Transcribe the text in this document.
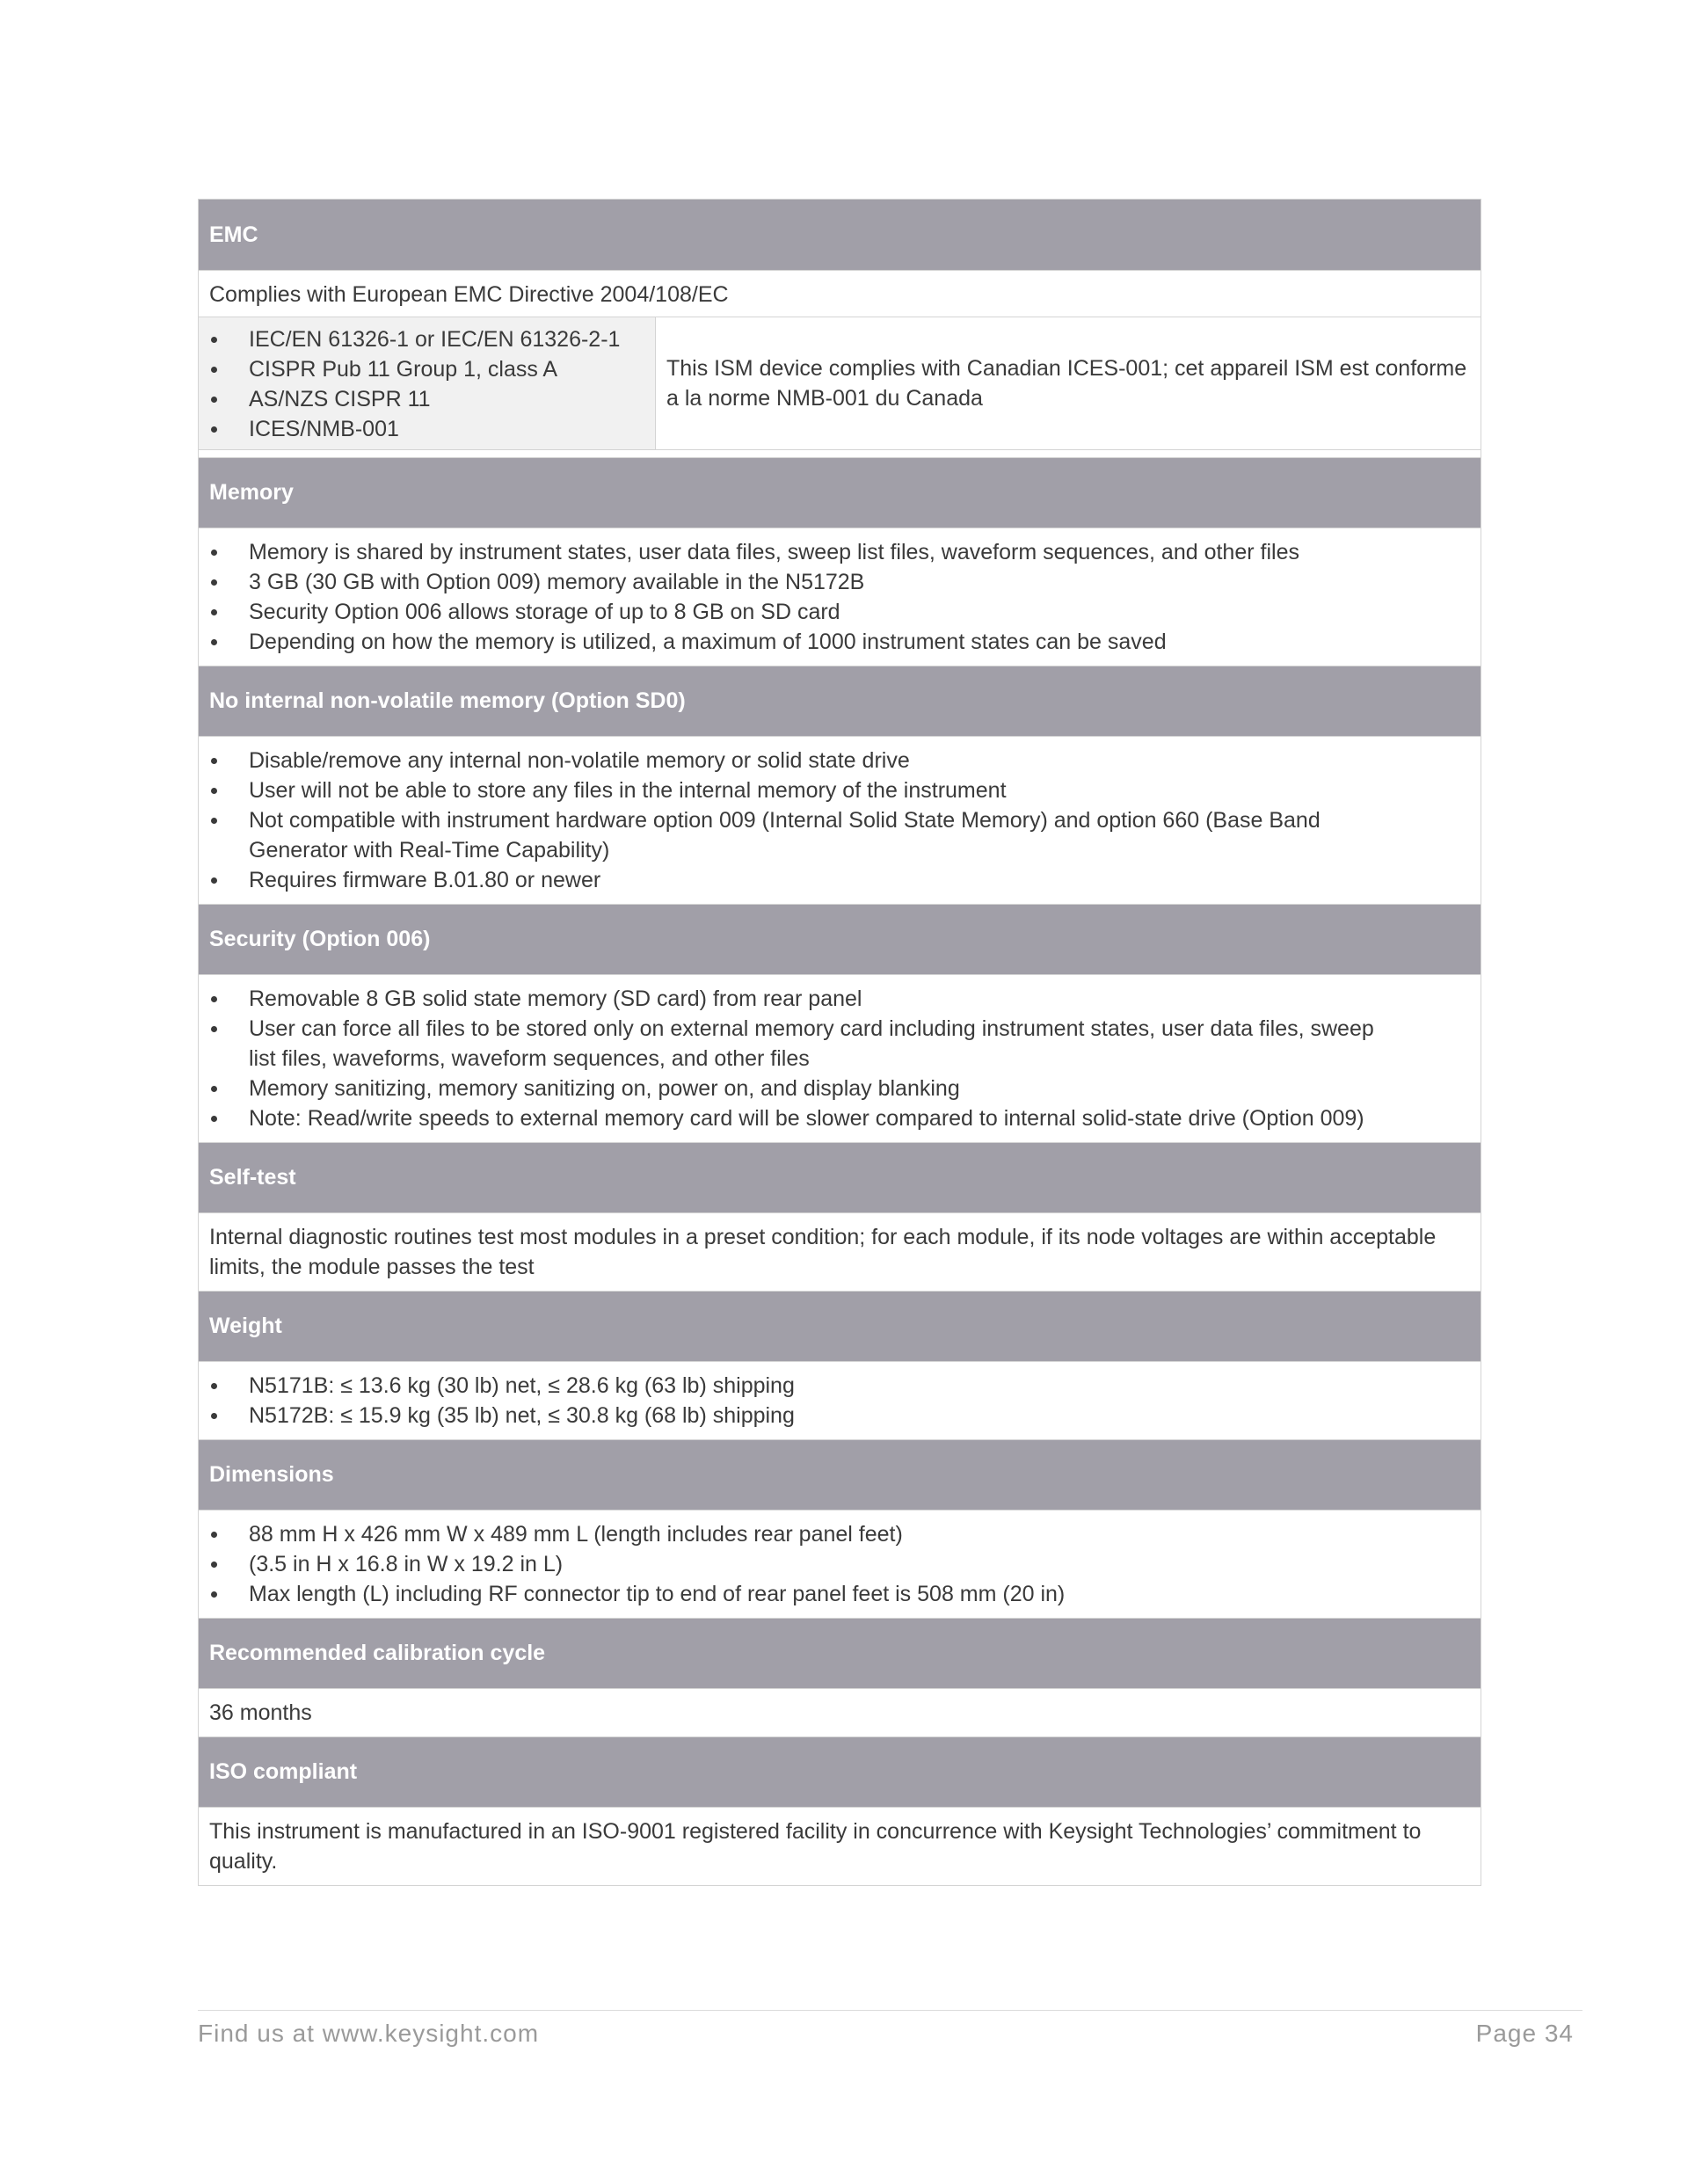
EMC
Complies with European EMC Directive 2004/108/EC
IEC/EN 61326-1 or IEC/EN 61326-2-1
CISPR Pub 11 Group 1, class A
AS/NZS CISPR 11
ICES/NMB-001
This ISM device complies with Canadian ICES-001; cet appareil ISM est conforme a la norme NMB-001 du Canada
Memory
Memory is shared by instrument states, user data files, sweep list files, waveform sequences, and other files
3 GB (30 GB with Option 009) memory available in the N5172B
Security Option 006 allows storage of up to 8 GB on SD card
Depending on how the memory is utilized, a maximum of 1000 instrument states can be saved
No internal non-volatile memory (Option SD0)
Disable/remove any internal non-volatile memory or solid state drive
User will not be able to store any files in the internal memory of the instrument
Not compatible with instrument hardware option 009 (Internal Solid State Memory) and option 660 (Base Band Generator with Real-Time Capability)
Requires firmware B.01.80 or newer
Security (Option 006)
Removable 8 GB solid state memory (SD card) from rear panel
User can force all files to be stored only on external memory card including instrument states, user data files, sweep list files, waveforms, waveform sequences, and other files
Memory sanitizing, memory sanitizing on, power on, and display blanking
Note: Read/write speeds to external memory card will be slower compared to internal solid-state drive (Option 009)
Self-test
Internal diagnostic routines test most modules in a preset condition; for each module, if its node voltages are within acceptable limits, the module passes the test
Weight
N5171B: ≤ 13.6 kg (30 lb) net, ≤ 28.6 kg (63 lb) shipping
N5172B: ≤ 15.9 kg (35 lb) net, ≤ 30.8 kg (68 lb) shipping
Dimensions
88 mm H x 426 mm W x 489 mm L (length includes rear panel feet)
(3.5 in H x 16.8 in W x 19.2 in L)
Max length (L) including RF connector tip to end of rear panel feet is 508 mm (20 in)
Recommended calibration cycle
36 months
ISO compliant
This instrument is manufactured in an ISO-9001 registered facility in concurrence with Keysight Technologies’ commitment to quality.
Find us at www.keysight.com	Page 34
